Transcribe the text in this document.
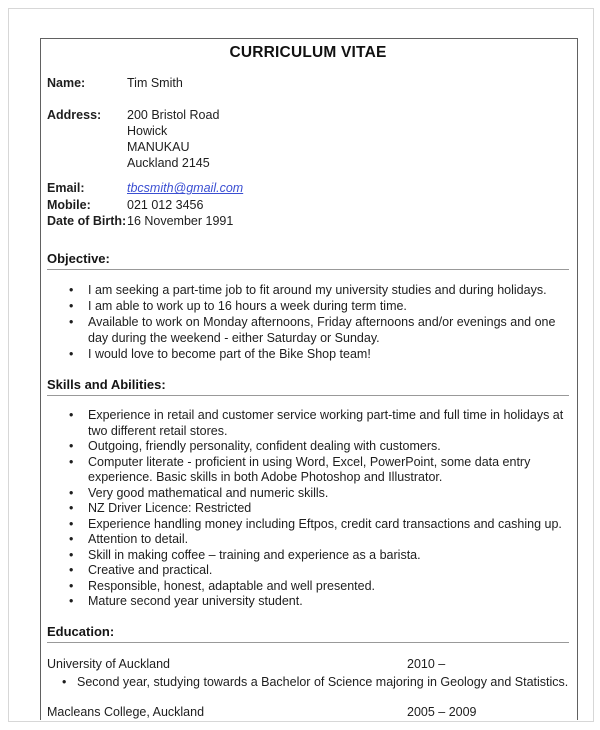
CURRICULUM VITAE
Name:	Tim Smith
Address:	200 Bristol Road
Howick
MANUKAU
Auckland 2145
Email:	tbcsmith@gmail.com
Mobile:	021 012 3456
Date of Birth: 16 November 1991
Objective:
•	I am seeking a part-time job to fit around my university studies and during holidays.
•	I am able to work up to 16 hours a week during term time.
•	Available to work on Monday afternoons, Friday afternoons and/or evenings and one day during the weekend - either Saturday or Sunday.
•	I would love to become part of the Bike Shop team!
Skills and Abilities:
•	Experience in retail and customer service working part-time and full time in holidays at two different retail stores.
•	Outgoing, friendly personality, confident dealing with customers.
•	Computer literate - proficient in using Word, Excel, PowerPoint, some data entry experience. Basic skills in both Adobe Photoshop and Illustrator.
•	Very good mathematical and numeric skills.
•	NZ Driver Licence: Restricted
•	Experience handling money including Eftpos, credit card transactions and cashing up.
•	Attention to detail.
•	Skill in making coffee – training and experience as a barista.
•	Creative and practical.
•	Responsible, honest, adaptable and well presented.
•	Mature second year university student.
Education:
University of Auckland	2010 –
• Second year, studying towards a Bachelor of Science majoring in Geology and Statistics.
Macleans College, Auckland	2005 – 2009
